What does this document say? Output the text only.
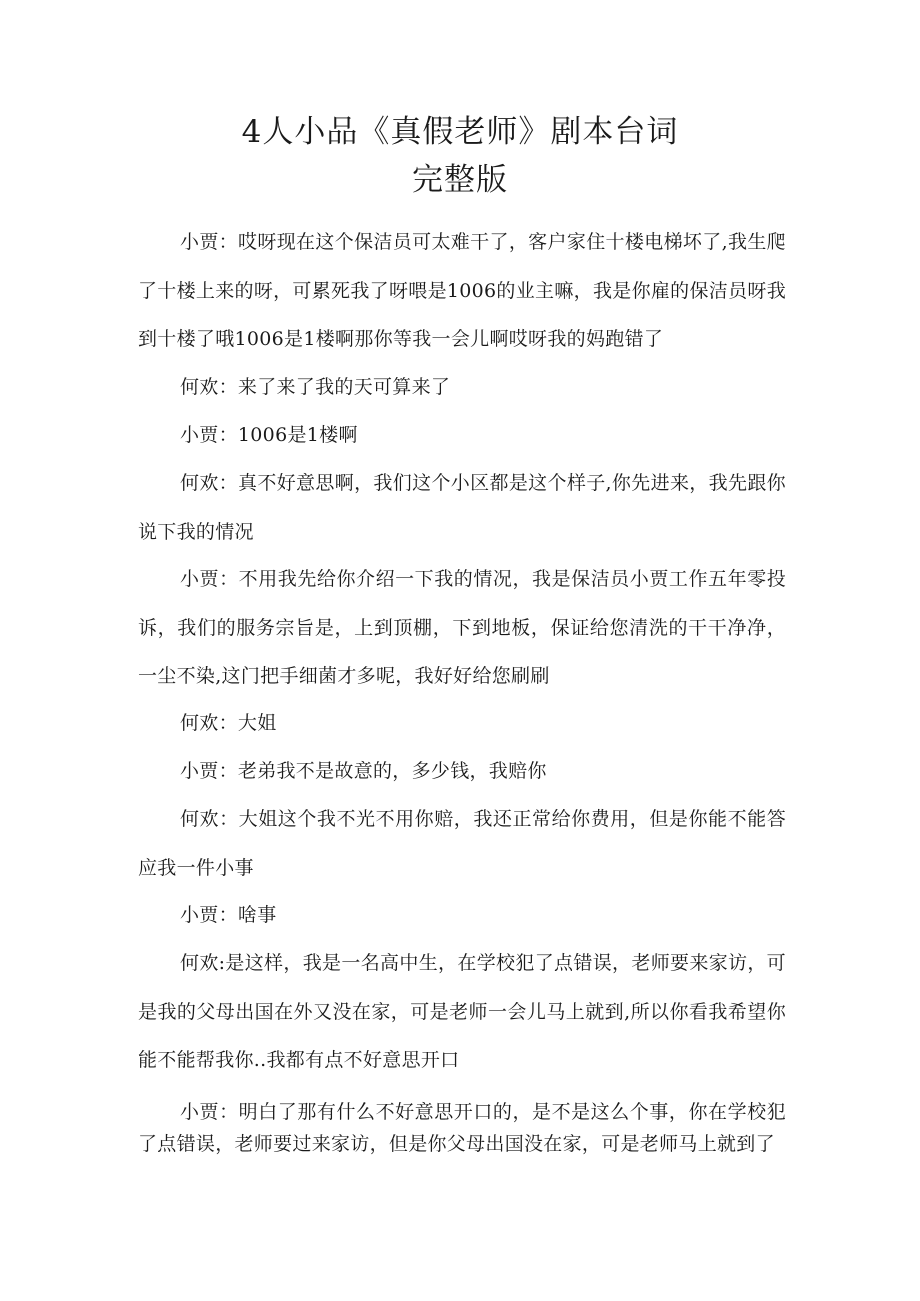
4人小品《真假老师》剧本台词
完整版

小贾：哎呀现在这个保洁员可太难干了，客户家住十楼电梯坏了,我生爬了十楼上来的呀，可累死我了呀喂是1006的业主嘛，我是你雇的保洁员呀我到十楼了哦1006是1楼啊那你等我一会儿啊哎呀我的妈跑错了

何欢：来了来了我的天可算来了

小贾：1006是1楼啊

何欢：真不好意思啊，我们这个小区都是这个样子,你先进来，我先跟你说下我的情况

小贾：不用我先给你介绍一下我的情况，我是保洁员小贾工作五年零投诉，我们的服务宗旨是，上到顶棚，下到地板，保证给您清洗的干干净净，一尘不染,这门把手细菌才多呢，我好好给您刷刷

何欢：大姐

小贾：老弟我不是故意的，多少钱，我赔你

何欢：大姐这个我不光不用你赔，我还正常给你费用，但是你能不能答应我一件小事

小贾：啥事

何欢:是这样，我是一名高中生，在学校犯了点错误，老师要来家访，可是我的父母出国在外又没在家，可是老师一会儿马上就到,所以你看我希望你能不能帮我你..我都有点不好意思开口

小贾：明白了那有什么不好意思开口的，是不是这么个事，你在学校犯了点错误，老师要过来家访，但是你父母出国没在家，可是老师马上就到了
